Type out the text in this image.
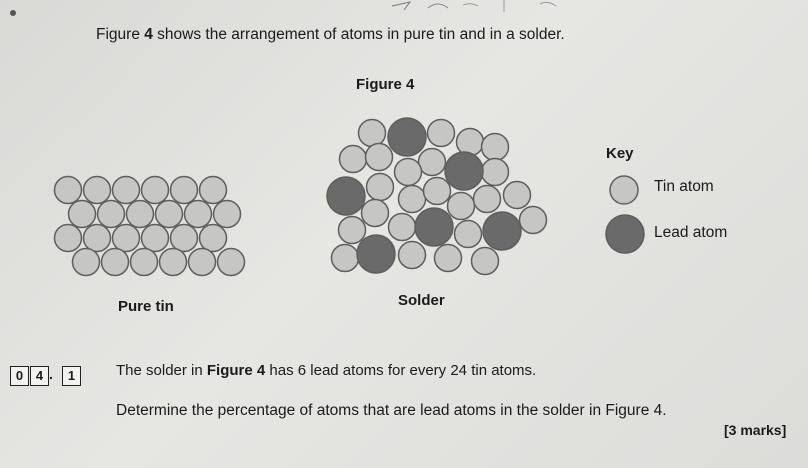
Figure 4 shows the arrangement of atoms in pure tin and in a solder.
Figure 4
Pure tin	Solder
Key
Tin atom
Lead atom
0 4 .	1	The solder in Figure 4 has 6 lead atoms for every 24 tin atoms.
Determine the percentage of atoms that are lead atoms in the solder in Figure 4.
[3 marks]
